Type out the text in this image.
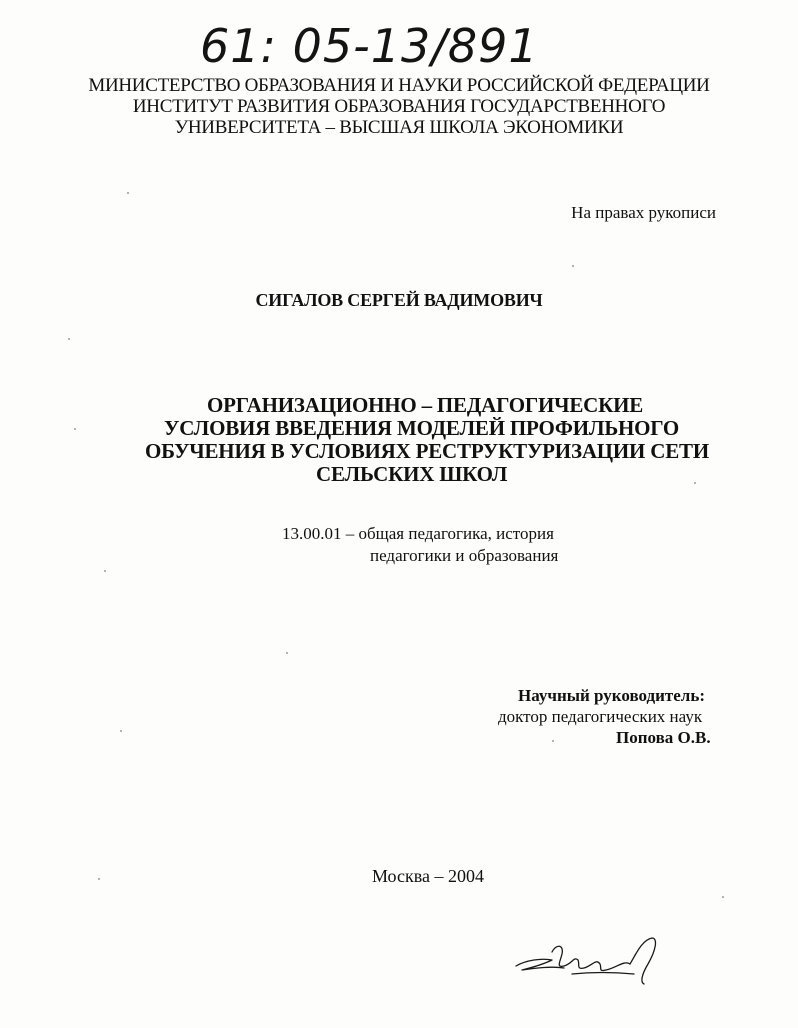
61: 05-13/891
МИНИСТЕРСТВО ОБРАЗОВАНИЯ И НАУКИ РОССИЙСКОЙ ФЕДЕРАЦИИ
ИНСТИТУТ РАЗВИТИЯ ОБРАЗОВАНИЯ ГОСУДАРСТВЕННОГО
УНИВЕРСИТЕТА – ВЫСШАЯ ШКОЛА ЭКОНОМИКИ
На правах рукописи
СИГАЛОВ СЕРГЕЙ ВАДИМОВИЧ
ОРГАНИЗАЦИОННО – ПЕДАГОГИЧЕСКИЕ
УСЛОВИЯ ВВЕДЕНИЯ МОДЕЛЕЙ ПРОФИЛЬНОГО
ОБУЧЕНИЯ В УСЛОВИЯХ РЕСТРУКТУРИЗАЦИИ СЕТИ
СЕЛЬСКИХ ШКОЛ
13.00.01 – общая педагогика, история
педагогики и образования
Научный руководитель:
доктор педагогических наук
Попова О.В.
Москва – 2004
